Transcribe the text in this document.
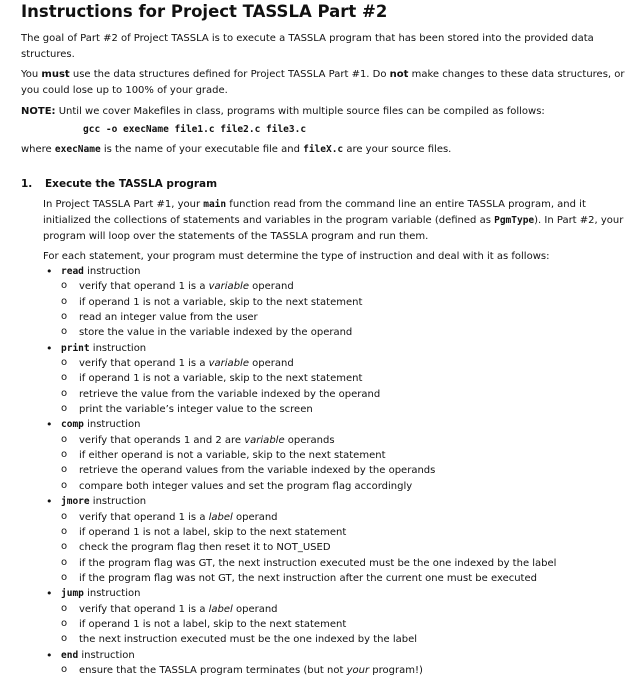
Instructions for Project TASSLA Part #2
The goal of Part #2 of Project TASSLA is to execute a TASSLA program that has been stored into the provided data structures.
You must use the data structures defined for Project TASSLA Part #1. Do not make changes to these data structures, or you could lose up to 100% of your grade.
NOTE: Until we cover Makefiles in class, programs with multiple source files can be compiled as follows:
gcc -o execName file1.c file2.c file3.c
where execName is the name of your executable file and fileX.c are your source files.
1. Execute the TASSLA program
In Project TASSLA Part #1, your main function read from the command line an entire TASSLA program, and it initialized the collections of statements and variables in the program variable (defined as PgmType). In Part #2, your program will loop over the statements of the TASSLA program and run them.
For each statement, your program must determine the type of instruction and deal with it as follows:
• read instruction
o verify that operand 1 is a variable operand
o if operand 1 is not a variable, skip to the next statement
o read an integer value from the user
o store the value in the variable indexed by the operand
• print instruction
o verify that operand 1 is a variable operand
o if operand 1 is not a variable, skip to the next statement
o retrieve the value from the variable indexed by the operand
o print the variable’s integer value to the screen
• comp instruction
o verify that operands 1 and 2 are variable operands
o if either operand is not a variable, skip to the next statement
o retrieve the operand values from the variable indexed by the operands
o compare both integer values and set the program flag accordingly
• jmore instruction
o verify that operand 1 is a label operand
o if operand 1 is not a label, skip to the next statement
o check the program flag then reset it to NOT_USED
o if the program flag was GT, the next instruction executed must be the one indexed by the label
o if the program flag was not GT, the next instruction after the current one must be executed
• jump instruction
o verify that operand 1 is a label operand
o if operand 1 is not a label, skip to the next statement
o the next instruction executed must be the one indexed by the label
• end instruction
o ensure that the TASSLA program terminates (but not your program!)
